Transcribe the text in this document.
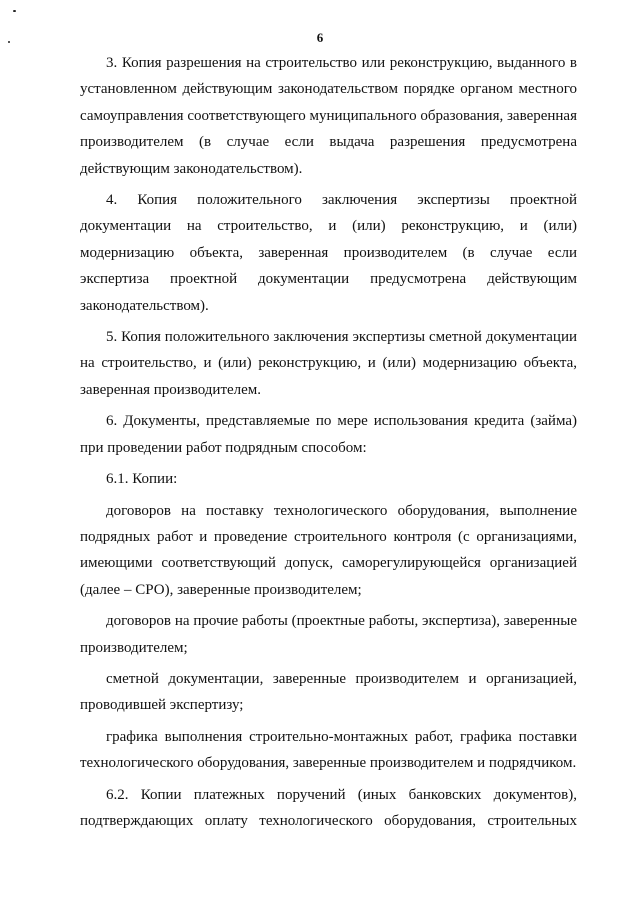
6

3. Копия разрешения на строительство или реконструкцию, выданного в установленном действующим законодательством порядке органом местного самоуправления соответствующего муниципального образования, заверенная производителем (в случае если выдача разрешения предусмотрена действующим законодательством).

4. Копия положительного заключения экспертизы проектной документации на строительство, и (или) реконструкцию, и (или) модернизацию объекта, заверенная производителем (в случае если экспертиза проектной документации предусмотрена действующим законодательством).

5. Копия положительного заключения экспертизы сметной документации на строительство, и (или) реконструкцию, и (или) модернизацию объекта, заверенная производителем.

6. Документы, представляемые по мере использования кредита (займа) при проведении работ подрядным способом:

6.1. Копии:

договоров на поставку технологического оборудования, выполнение подрядных работ и проведение строительного контроля (с организациями, имеющими соответствующий допуск, саморегулирующейся организацией (далее – СРО), заверенные производителем;

договоров на прочие работы (проектные работы, экспертиза), заверенные производителем;

сметной документации, заверенные производителем и организацией, проводившей экспертизу;

графика выполнения строительно-монтажных работ, графика поставки технологического оборудования, заверенные производителем и подрядчиком.

6.2. Копии платежных поручений (иных банковских документов), подтверждающих оплату технологического оборудования, строительных
